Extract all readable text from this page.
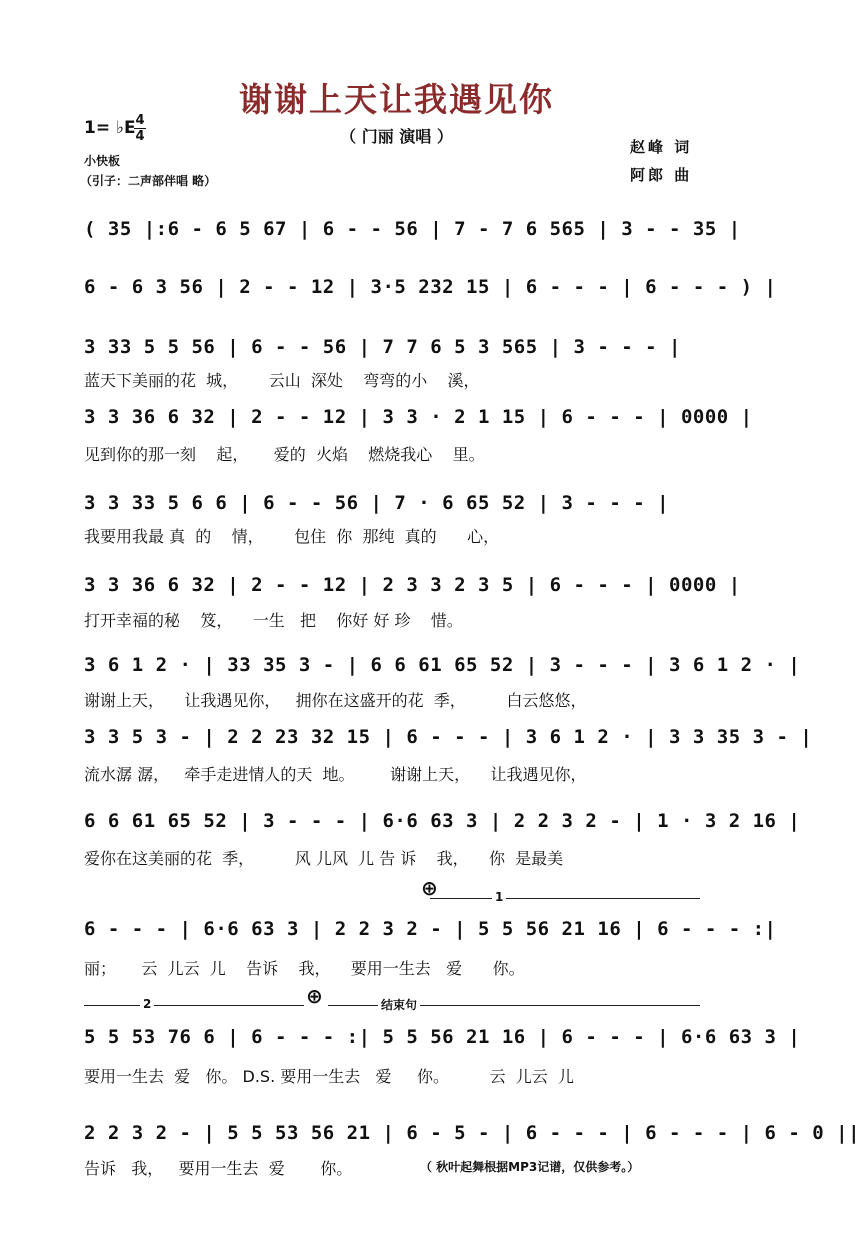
谢谢上天让我遇见你
（ 门丽 演唱 ）
1= ♭E 4
4
小快板
（引子：二声部伴唱 略）
赵峰 词
阿郎 曲
( 35 |:6 - 6 5 67 | 6 - - 56 | 7 - 7 6 565 | 3 - - 35 |
6 - 6 3 56 | 2 - - 12 | 3·5 232 15 | 6 - - - | 6 - - - ) |
3 33 5 5 56 | 6 - - 56 | 7 7 6 5 3 565 | 3 - - - |
蓝天下美丽的花  城，      云山  深处    弯弯的小    溪，
3 3 36 6 32 | 2 - - 12 | 3 3 · 2 1 15 | 6 - - - | 0000 |
见到你的那一刻    起，     爱的  火焰    燃烧我心    里。
3 3 33 5 6 6 | 6 - - 56 | 7 · 6 65 52 | 3 - - - |
我要用我最 真  的    情，      包住  你  那纯  真的      心，
3 3 36 6 32 | 2 - - 12 | 2 3 3 2 3 5 | 6 - - - | 0000 |
打开幸福的秘    笈，    一生   把    你好 好 珍    惜。
3 6 1 2 · | 33 35 3 - | 6 6 61 65 52 | 3 - - - | 3 6 1 2 · |
谢谢上天，    让我遇见你，   拥你在这盛开的花  季，        白云悠悠，
3 3 5 3 - | 2 2 23 32 15 | 6 - - - | 3 6 1 2 · | 3 3 35 3 - |
流水潺 潺，   牵手走进情人的天  地。       谢谢上天，    让我遇见你，
6 6 61 65 52 | 3 - - - | 6·6 63 3 | 2 2 3 2 - | 1 · 3 2 16 |
爱你在这美丽的花  季，        风 儿风  儿 告 诉    我，    你  是最美
⊕	1
6 - - - | 6·6 63 3 | 2 2 3 2 - | 5 5 56 21 16 | 6 - - - :|
丽；     云  儿云  儿    告诉    我，    要用一生去   爱      你。
2	⊕	结束句
5 5 53 76 6 | 6 - - - :| 5 5 56 21 16 | 6 - - - | 6·6 63 3 |
要用一生去  爱   你。 D.S. 要用一生去   爱     你。        云  儿云  儿
2 2 3 2 - | 5 5 53 56 21 | 6 - 5 - | 6 - - - | 6 - - - | 6 - 0 ||
告诉   我，   要用一生去  爱       你。	（ 秋叶起舞根据MP3记谱，仅供参考。）
